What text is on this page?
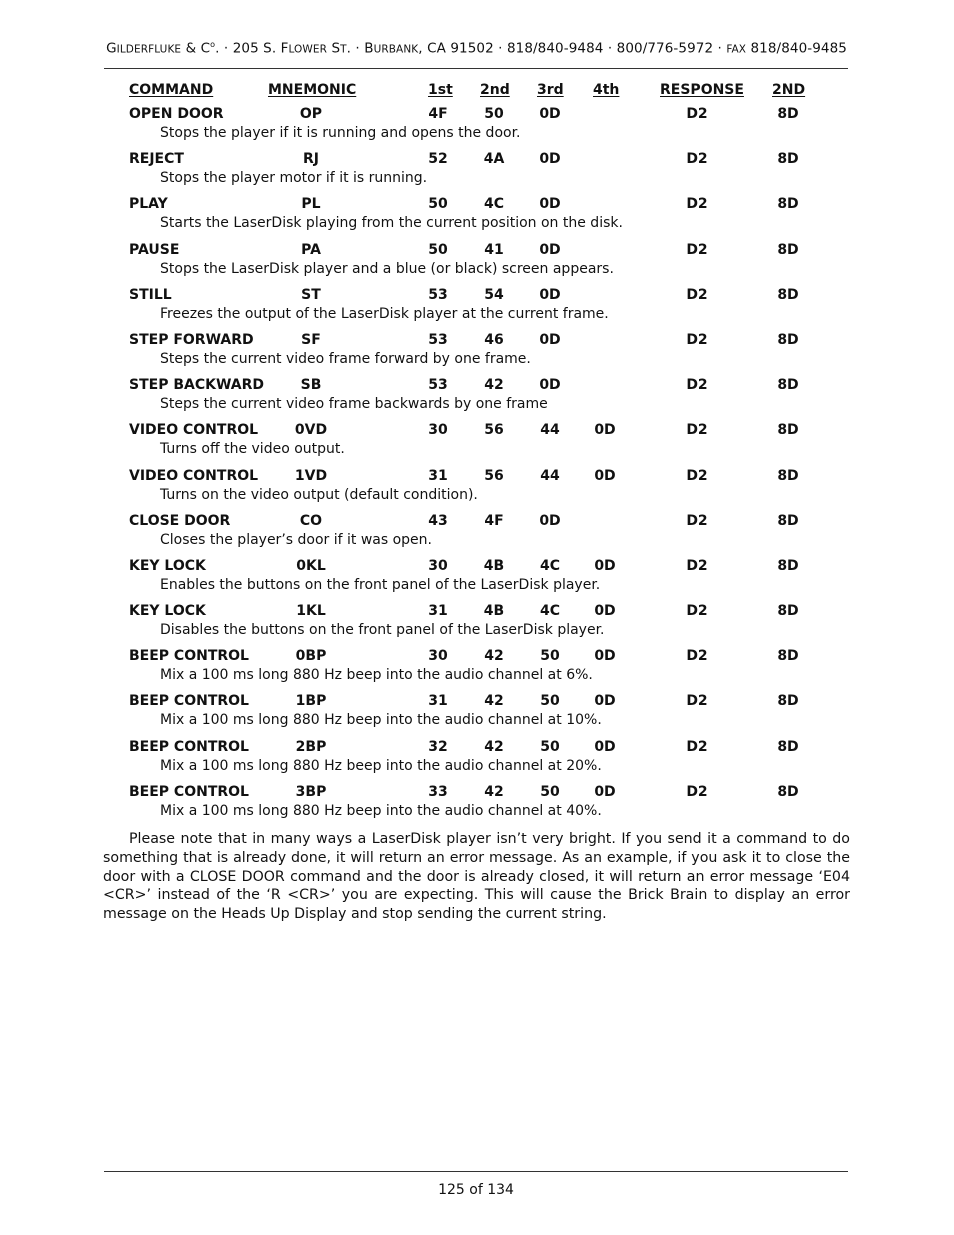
GILDERFLUKE & $C^o$. · 205 S. FLOWER ST. · BURBANK, CA 91502 · 818/840-9484 · 800/776-5972 · FAX 818/840-9485
COMMAND	MNEMONIC	1st 2nd 3rd 4th	RESPONSE 2ND
OPEN DOOR	OP	4F	50	0D	D2	8D
Stops the player if it is running and opens the door.
REJECT	RJ	52	4A	0D	D2	8D
Stops the player motor if it is running.
PLAY	PL	50	4C	0D	D2	8D
Starts the LaserDisk playing from the current position on the disk.
PAUSE	PA	50	41	0D	D2	8D
Stops the LaserDisk player and a blue (or black) screen appears.
STILL	ST	53	54	0D	D2	8D
Freezes the output of the LaserDisk player at the current frame.
STEP FORWARD	SF	53	46	0D	D2	8D
Steps the current video frame forward by one frame.
STEP BACKWARD	SB	53	42	0D	D2	8D
Steps the current video frame backwards by one frame
VIDEO CONTROL	0VD	30	56	44	0D	D2	8D
Turns off the video output.
VIDEO CONTROL	1VD	31	56	44	0D	D2	8D
Turns on the video output (default condition).
CLOSE DOOR	CO	43	4F	0D	D2	8D
Closes the player’s door if it was open.
KEY LOCK	0KL	30	4B	4C	0D	D2	8D
Enables the buttons on the front panel of the LaserDisk player.
KEY LOCK	1KL	31	4B	4C	0D	D2	8D
Disables the buttons on the front panel of the LaserDisk player.
BEEP CONTROL	0BP	30	42	50	0D	D2	8D
Mix a 100 ms long 880 Hz beep into the audio channel at 6%.
BEEP CONTROL	1BP	31	42	50	0D	D2	8D
Mix a 100 ms long 880 Hz beep into the audio channel at 10%.
BEEP CONTROL	2BP	32	42	50	0D	D2	8D
Mix a 100 ms long 880 Hz beep into the audio channel at 20%.
BEEP CONTROL	3BP	33	42	50	0D	D2	8D
Mix a 100 ms long 880 Hz beep into the audio channel at 40%.
Please note that in many ways a LaserDisk player isn’t very bright. If you send it a command to do something that is already done, it will return an error message. As an example, if you ask it to close the door with a CLOSE DOOR command and the door is already closed, it will return an error message ‘E04 <CR>’ instead of the ‘R <CR>’ you are expecting. This will cause the Brick Brain to display an error message on the Heads Up Display and stop sending the current string.
125 of 134
